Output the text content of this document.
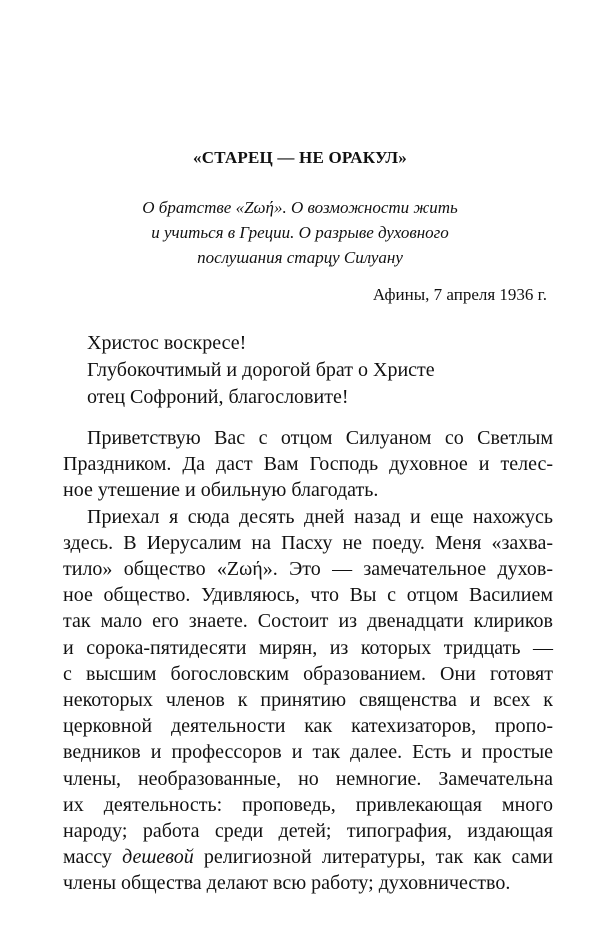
«СТАРЕЦ — НЕ ОРАКУЛ»
О братстве «Ζωή». О возможности жить
и учиться в Греции. О разрыве духовного
послушания старцу Силуану
Афины, 7 апреля 1936 г.
Христос воскресе!
Глубокочтимый и дорогой брат о Христе
отец Софроний, благословите!
Приветствую Вас с отцом Силуаном со Светлым
Праздником. Да даст Вам Господь духовное и телес-
ное утешение и обильную благодать.
Приехал я сюда десять дней назад и еще нахожусь
здесь. В Иерусалим на Пасху не поеду. Меня «захва-
тило» общество «Ζωή». Это — замечательное духов-
ное общество. Удивляюсь, что Вы с отцом Василием
так мало его знаете. Состоит из двенадцати клириков
и сорока-пятидесяти мирян, из которых тридцать —
с высшим богословским образованием. Они готовят
некоторых членов к принятию священства и всех к
церковной деятельности как катехизаторов, пропо-
ведников и профессоров и так далее. Есть и простые
члены, необразованные, но немногие. Замечательна
их деятельность: проповедь, привлекающая много
народу; работа среди детей; типография, издающая
массу дешевой религиозной литературы, так как сами
члены общества делают всю работу; духовничество.
